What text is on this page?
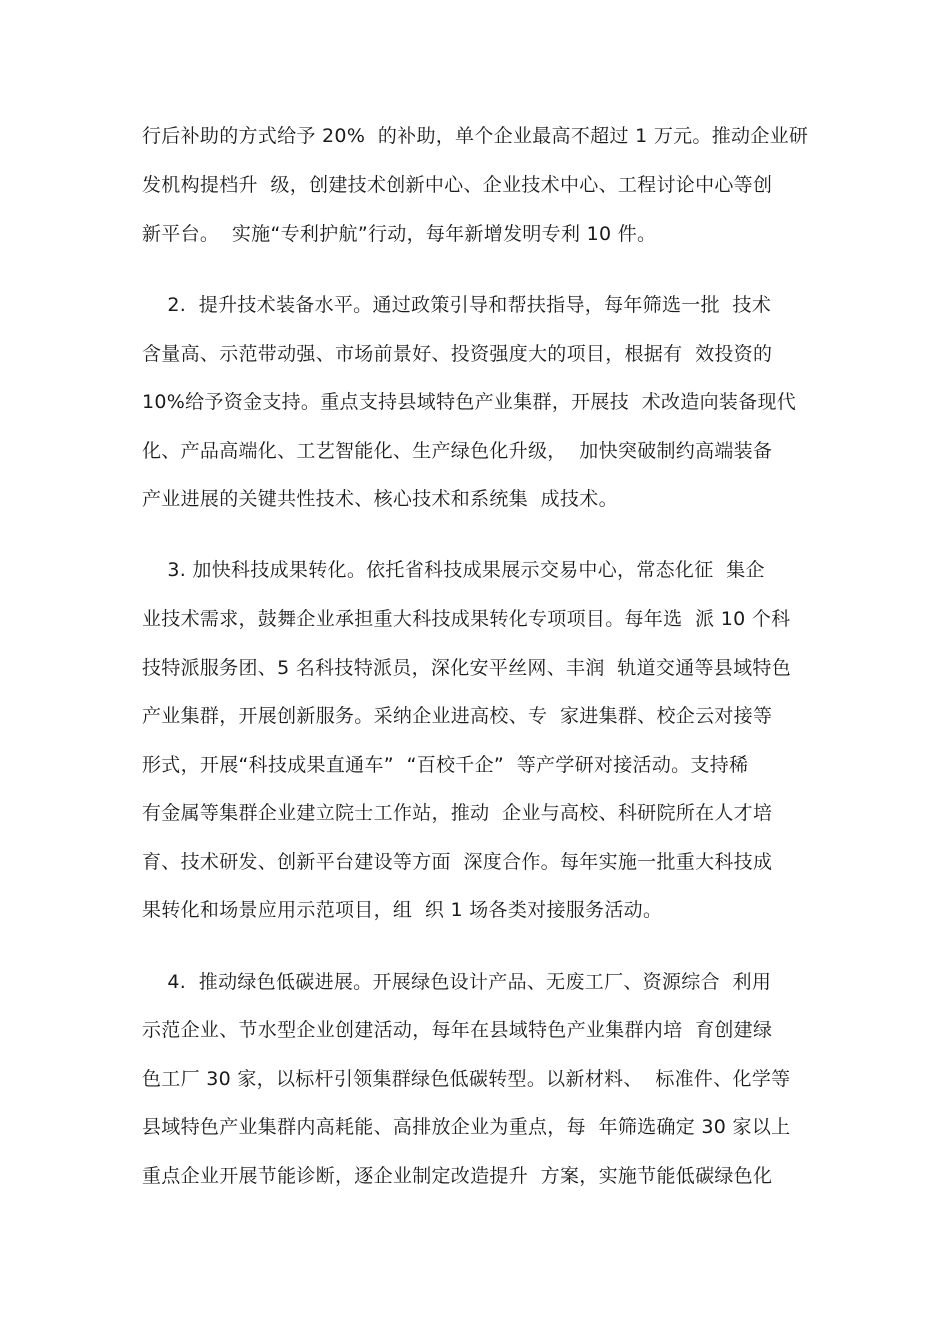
行后补助的方式给予 20%  的补助，单个企业最高不超过 1 万元。推动企业研
发机构提档升  级，创建技术创新中心、企业技术中心、工程讨论中心等创
新平台。  实施“专利护航”行动，每年新增发明专利 10 件。
2.  提升技术装备水平。通过政策引导和帮扶指导，每年筛选一批  技术
含量高、示范带动强、市场前景好、投资强度大的项目，根据有  效投资的
10%给予资金支持。重点支持县域特色产业集群，开展技  术改造向装备现代
化、产品高端化、工艺智能化、生产绿色化升级，  加快突破制约高端装备
产业进展的关键共性技术、核心技术和系统集  成技术。
3. 加快科技成果转化。依托省科技成果展示交易中心，常态化征  集企
业技术需求，鼓舞企业承担重大科技成果转化专项项目。每年选  派 10 个科
技特派服务团、5 名科技特派员，深化安平丝网、丰润  轨道交通等县域特色
产业集群，开展创新服务。采纳企业进高校、专  家进集群、校企云对接等
形式，开展“科技成果直通车”  “百校千企”  等产学研对接活动。支持稀
有金属等集群企业建立院士工作站，推动  企业与高校、科研院所在人才培
育、技术研发、创新平台建设等方面  深度合作。每年实施一批重大科技成
果转化和场景应用示范项目，组  织 1 场各类对接服务活动。
4.  推动绿色低碳进展。开展绿色设计产品、无废工厂、资源综合  利用
示范企业、节水型企业创建活动，每年在县域特色产业集群内培  育创建绿
色工厂 30 家，以标杆引领集群绿色低碳转型。以新材料、  标准件、化学等
县域特色产业集群内高耗能、高排放企业为重点，每  年筛选确定 30 家以上
重点企业开展节能诊断，逐企业制定改造提升  方案，实施节能低碳绿色化
